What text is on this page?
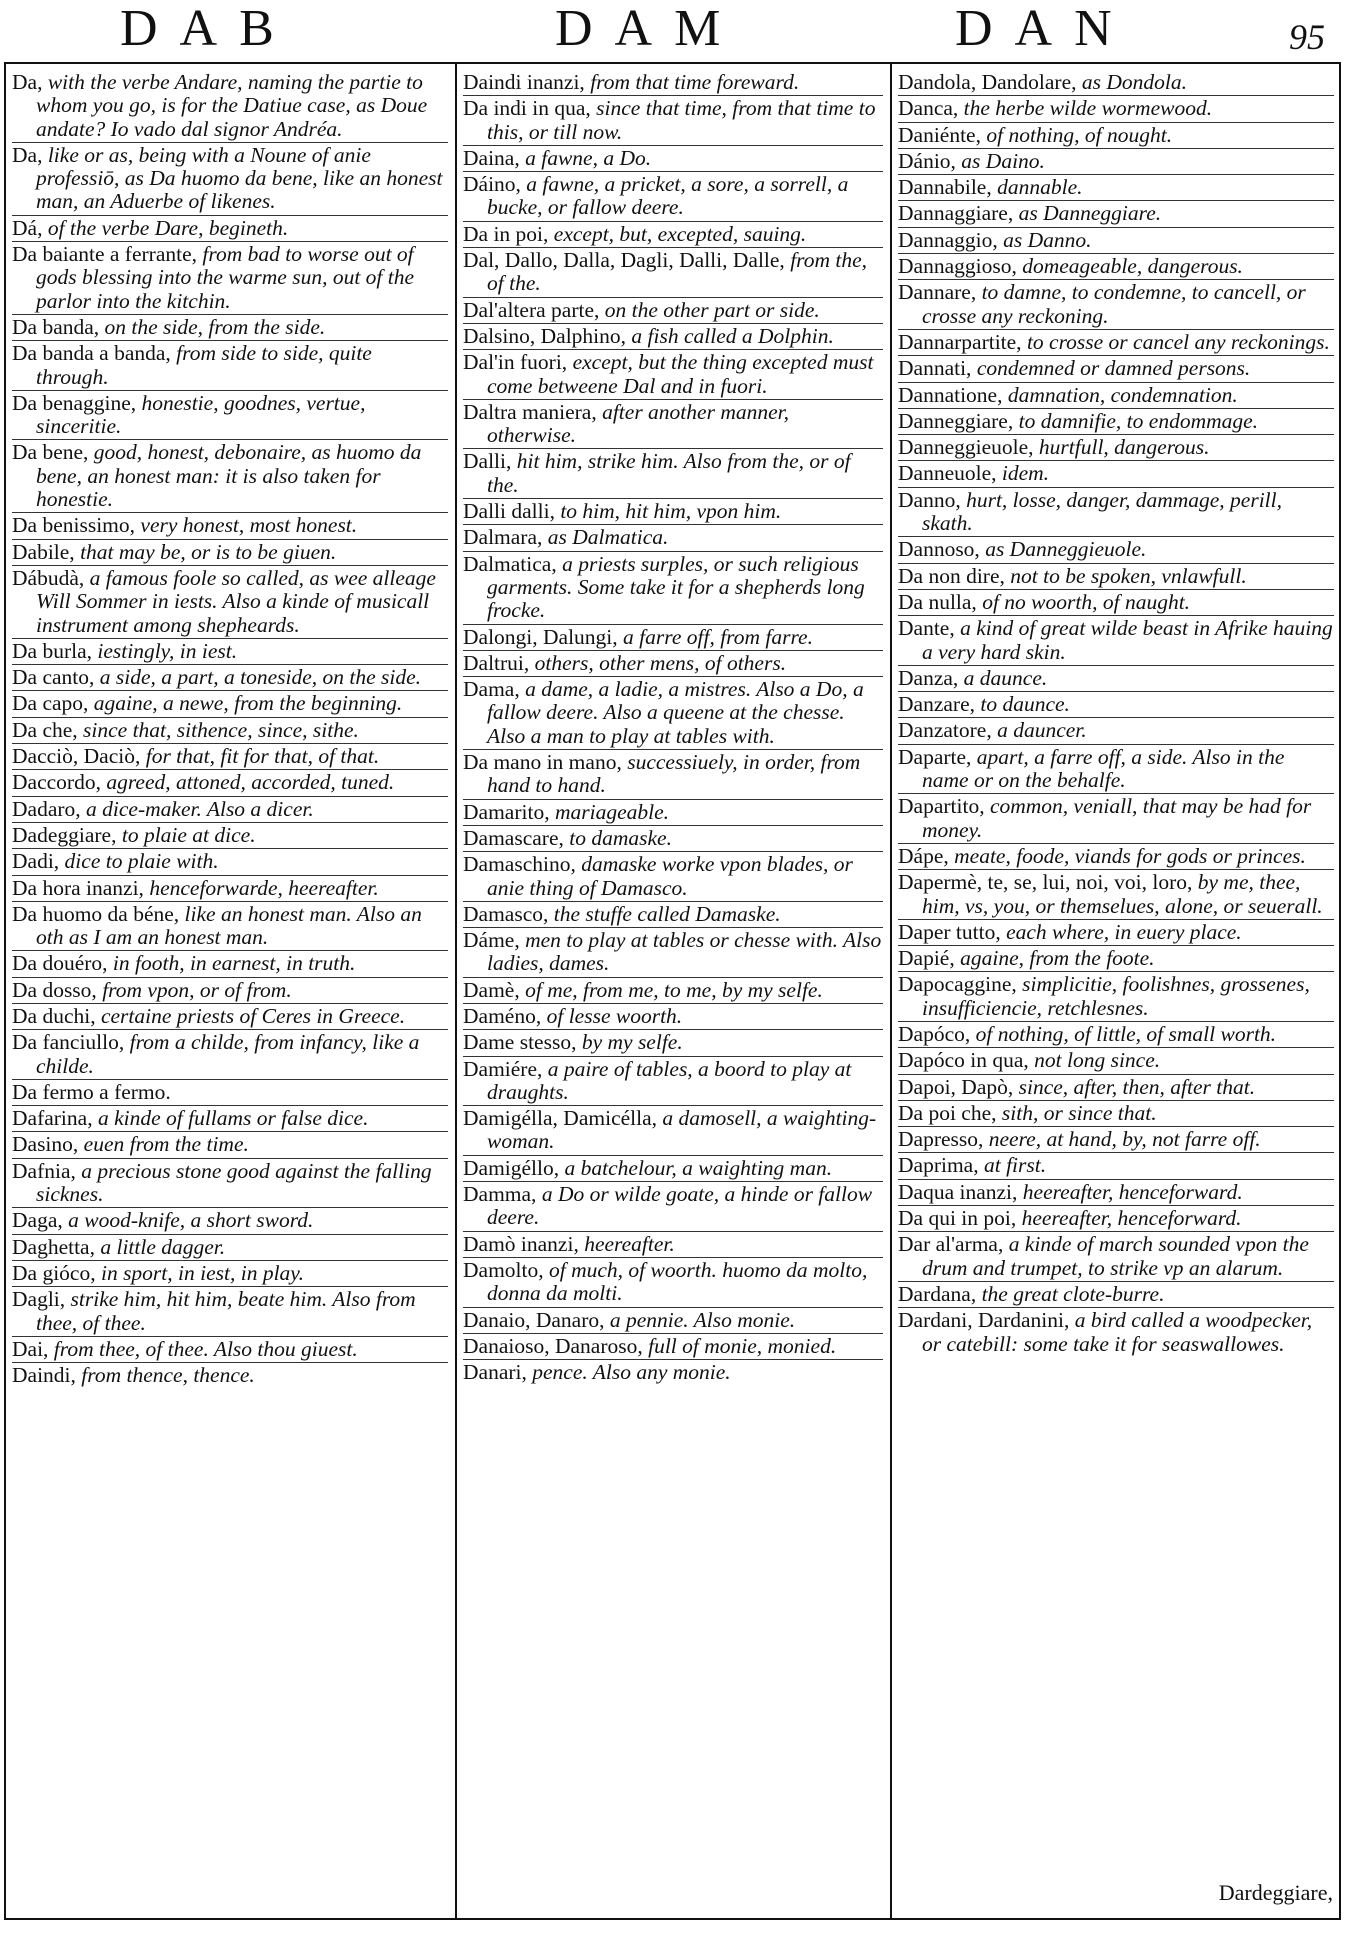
DAB	DAM	DAN	95

Da, with the verbe Andare, naming the partie to whom you go, is for the Datiue case, as Doue andate? Io vado dal signor Andréa.

Da, like or as, being with a Noune of anie professiō, as Da huomo da bene, like an honest man, an Aduerbe of likenes.

Dá, of the verbe Dare, begineth.

Da baiante a ferrante, from bad to worse out of gods blessing into the warme sun, out of the parlor into the kitchin.

Da banda, on the side, from the side.

Da banda a banda, from side to side, quite through.

Da benaggine, honestie, goodnes, vertue, sinceritie.

Da bene, good, honest, debonaire, as huomo da bene, an honest man: it is also taken for honestie.

Da benissimo, very honest, most honest.

Dabile, that may be, or is to be giuen.

Dábudà, a famous foole so called, as wee alleage Will Sommer in iests. Also a kinde of musicall instrument among shepheards.

Da burla, iestingly, in iest.

Da canto, a side, a part, a toneside, on the side.

Da capo, againe, a newe, from the beginning.

Da che, since that, sithence, since, sithe.

Dacciò, Daciò, for that, fit for that, of that.

Daccordo, agreed, attoned, accorded, tuned.

Dadaro, a dice-maker. Also a dicer.

Dadeggiare, to plaie at dice.

Dadi, dice to plaie with.

Da hora inanzi, henceforwarde, heereafter.

Da huomo da béne, like an honest man. Also an oth as I am an honest man.

Da douéro, in footh, in earnest, in truth.

Da dosso, from vpon, or of from.

Da duchi, certaine priests of Ceres in Greece.

Da fanciullo, from a childe, from infancy, like a childe.

Da fermo a fermo.

Dafarina, a kinde of fullams or false dice.

Dasino, euen from the time.

Dafnia, a precious stone good against the falling sicknes.

Daga, a wood-knife, a short sword.

Daghetta, a little dagger.

Da gióco, in sport, in iest, in play.

Dagli, strike him, hit him, beate him. Also from thee, of thee.

Dai, from thee, of thee. Also thou giuest.

Daindi, from thence, thence.

Daindi inanzi, from that time foreward.

Da indi in qua, since that time, from that time to this, or till now.

Daina, a fawne, a Do.

Dáino, a fawne, a pricket, a sore, a sorrell, a bucke, or fallow deere.

Da in poi, except, but, excepted, sauing.

Dal, Dallo, Dalla, Dagli, Dalli, Dalle, from the, of the.

Dal'altera parte, on the other part or side.

Dalsino, Dalphino, a fish called a Dolphin.

Dal'in fuori, except, but the thing excepted must come betweene Dal and in fuori.

Daltra maniera, after another manner, otherwise.

Dalli, hit him, strike him. Also from the, or of the.

Dalli dalli, to him, hit him, vpon him.

Dalmara, as Dalmatica.

Dalmatica, a priests surples, or such religious garments. Some take it for a shepherds long frocke.

Dalongi, Dalungi, a farre off, from farre.

Daltrui, others, other mens, of others.

Dama, a dame, a ladie, a mistres. Also a Do, a fallow deere. Also a queene at the chesse. Also a man to play at tables with.

Da mano in mano, successiuely, in order, from hand to hand.

Damarito, mariageable.

Damascare, to damaske.

Damaschino, damaske worke vpon blades, or anie thing of Damasco.

Damasco, the stuffe called Damaske.

Dáme, men to play at tables or chesse with. Also ladies, dames.

Damè, of me, from me, to me, by my selfe.

Daméno, of lesse woorth.

Dame stesso, by my selfe.

Damiére, a paire of tables, a boord to play at draughts.

Damigélla, Damicélla, a damosell, a waighting-woman.

Damigéllo, a batchelour, a waighting man.

Damma, a Do or wilde goate, a hinde or fallow deere.

Damò inanzi, heereafter.

Damolto, of much, of woorth. huomo da molto, donna da molti.

Danaio, Danaro, a pennie. Also monie.

Danaioso, Danaroso, full of monie, monied.

Danari, pence. Also any monie.

Dandola, Dandolare, as Dondola.

Danca, the herbe wilde wormewood.

Daniénte, of nothing, of nought.

Dánio, as Daino.

Dannabile, dannable.

Dannaggiare, as Danneggiare.

Dannaggio, as Danno.

Dannaggioso, domeageable, dangerous.

Dannare, to damne, to condemne, to cancell, or crosse any reckoning.

Dannarpartite, to crosse or cancel any reckonings.

Dannati, condemned or damned persons.

Dannatione, damnation, condemnation.

Danneggiare, to damnifie, to endommage.

Danneggieuole, hurtfull, dangerous.

Danneuole, idem.

Danno, hurt, losse, danger, dammage, perill, skath.

Dannoso, as Danneggieuole.

Da non dire, not to be spoken, vnlawfull.

Da nulla, of no woorth, of naught.

Dante, a kind of great wilde beast in Afrike hauing a very hard skin.

Danza, a daunce.

Danzare, to daunce.

Danzatore, a dauncer.

Daparte, apart, a farre off, a side. Also in the name or on the behalfe.

Dapartito, common, veniall, that may be had for money.

Dápe, meate, foode, viands for gods or princes.

Dapermè, te, se, lui, noi, voi, loro, by me, thee, him, vs, you, or themselues, alone, or seuerall.

Daper tutto, each where, in euery place.

Dapié, againe, from the foote.

Dapocaggine, simplicitie, foolishnes, grossenes, insufficiencie, retchlesnes.

Dapóco, of nothing, of little, of small worth.

Dapóco in qua, not long since.

Dapoi, Dapò, since, after, then, after that.

Da poi che, sith, or since that.

Dapresso, neere, at hand, by, not farre off.

Daprima, at first.

Daqua inanzi, heereafter, henceforward.

Da qui in poi, heereafter, henceforward.

Dar al'arma, a kinde of march sounded vpon the drum and trumpet, to strike vp an alarum.

Dardana, the great clote-burre.

Dardani, Dardanini, a bird called a woodpecker, or catebill: some take it for seaswallowes.

Dardeggiare,
